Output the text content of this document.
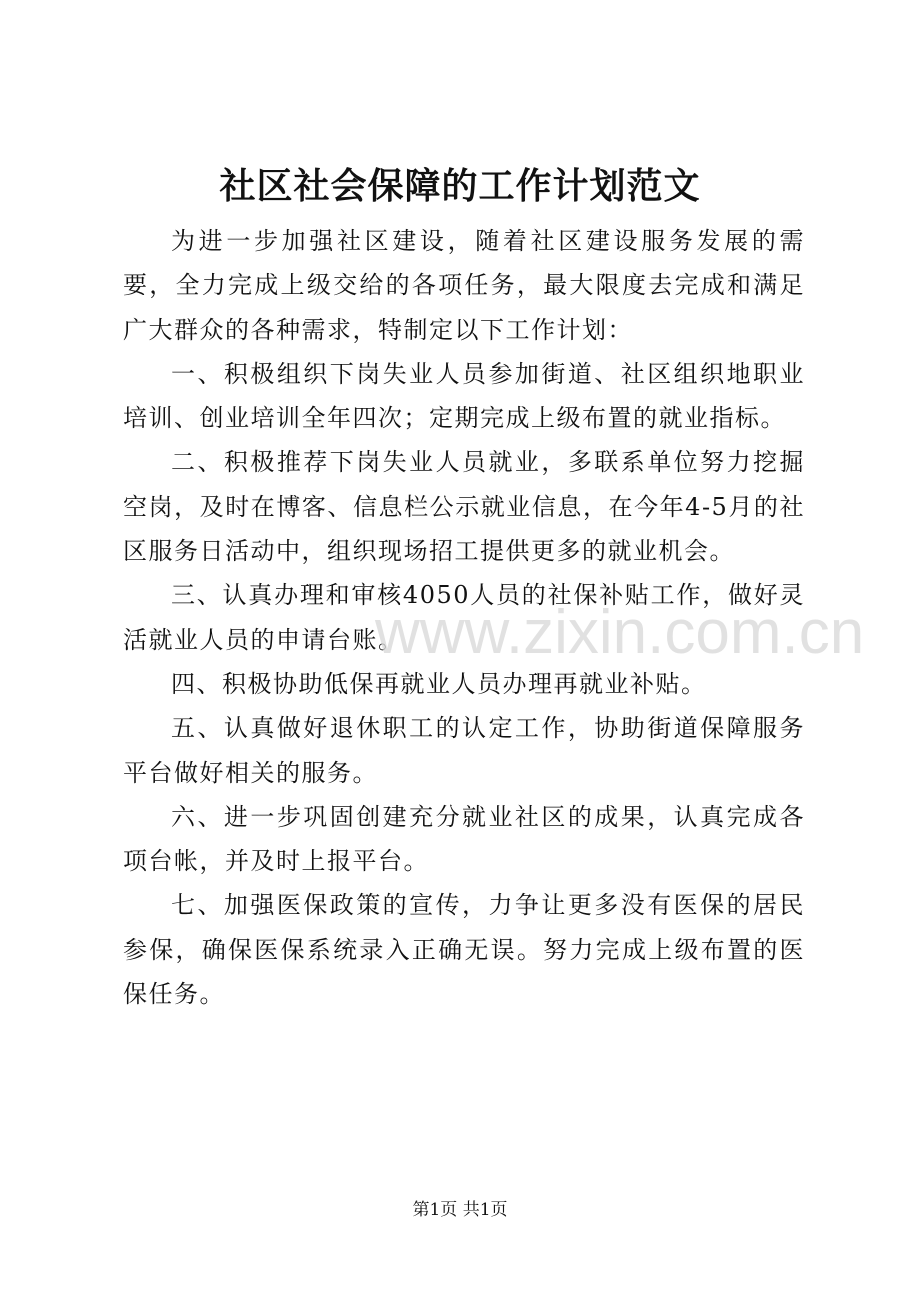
社区社会保障的工作计划范文

为进一步加强社区建设，随着社区建设服务发展的需要，全力完成上级交给的各项任务，最大限度去完成和满足广大群众的各种需求，特制定以下工作计划：

一、积极组织下岗失业人员参加街道、社区组织地职业培训、创业培训全年四次；定期完成上级布置的就业指标。

二、积极推荐下岗失业人员就业，多联系单位努力挖掘空岗，及时在博客、信息栏公示就业信息，在今年4-5月的社区服务日活动中，组织现场招工提供更多的就业机会。

三、认真办理和审核4050人员的社保补贴工作，做好灵活就业人员的申请台账。

四、积极协助低保再就业人员办理再就业补贴。

五、认真做好退休职工的认定工作，协助街道保障服务平台做好相关的服务。

六、进一步巩固创建充分就业社区的成果，认真完成各项台帐，并及时上报平台。

七、加强医保政策的宣传，力争让更多没有医保的居民参保，确保医保系统录入正确无误。努力完成上级布置的医保任务。

www.zixin.com.cn
第1页 共1页
